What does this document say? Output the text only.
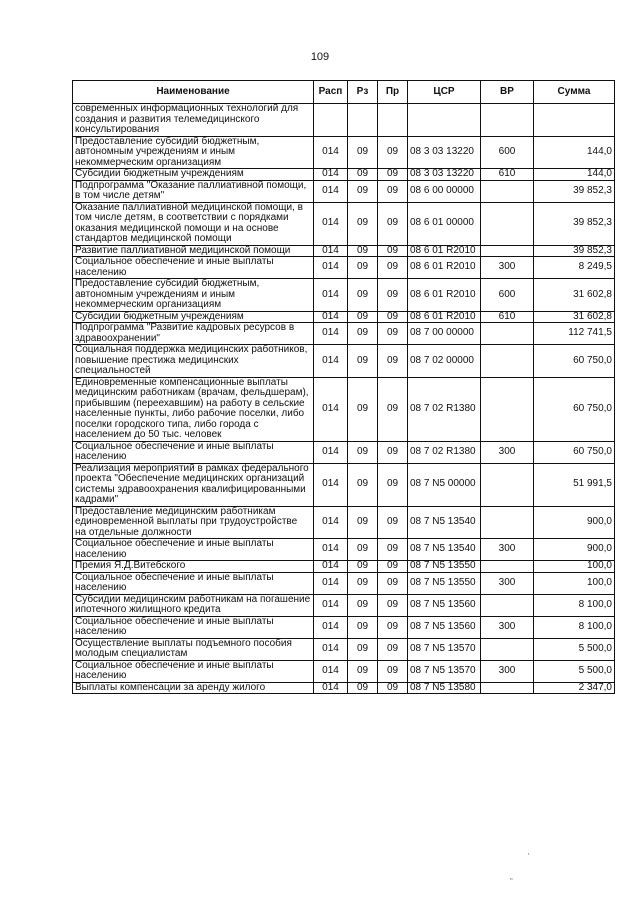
109
Наименование	Расп	Рз	Пр	ЦСР	ВР	Сумма
современных информационных технологий для создания и развития телемедицинского консультирования						
Предоставление субсидий бюджетным, автономным учреждениям и иным некоммерческим организациям	014	09	09	08 3 03 13220	600	144,0
Субсидии бюджетным учреждениям	014	09	09	08 3 03 13220	610	144,0
Подпрограмма "Оказание паллиативной помощи, в том числе детям"	014	09	09	08 6 00 00000		39 852,3
Оказание паллиативной медицинской помощи, в том числе детям, в соответствии с порядками оказания медицинской помощи и на основе стандартов медицинской помощи	014	09	09	08 6 01 00000		39 852,3
Развитие паллиативной медицинской помощи	014	09	09	08 6 01 R2010		39 852,3
Социальное обеспечение и иные выплаты населению	014	09	09	08 6 01 R2010	300	8 249,5
Предоставление субсидий бюджетным, автономным учреждениям и иным некоммерческим организациям	014	09	09	08 6 01 R2010	600	31 602,8
Субсидии бюджетным учреждениям	014	09	09	08 6 01 R2010	610	31 602,8
Подпрограмма "Развитие кадровых ресурсов в здравоохранении"	014	09	09	08 7 00 00000		112 741,5
Социальная поддержка медицинских работников, повышение престижа медицинских специальностей	014	09	09	08 7 02 00000		60 750,0
Единовременные компенсационные выплаты медицинским работникам (врачам, фельдшерам), прибывшим (переехавшим) на работу в сельские населенные пункты, либо рабочие поселки, либо поселки городского типа, либо города с населением до 50 тыс. человек	014	09	09	08 7 02 R1380		60 750,0
Социальное обеспечение и иные выплаты населению	014	09	09	08 7 02 R1380	300	60 750,0
Реализация мероприятий в рамках федерального проекта "Обеспечение медицинских организаций системы здравоохранения квалифицированными кадрами"	014	09	09	08 7 N5 00000		51 991,5
Предоставление медицинским работникам единовременной выплаты при трудоустройстве на отдельные должности	014	09	09	08 7 N5 13540		900,0
Социальное обеспечение и иные выплаты населению	014	09	09	08 7 N5 13540	300	900,0
Премия Я.Д.Витебского	014	09	09	08 7 N5 13550		100,0
Социальное обеспечение и иные выплаты населению	014	09	09	08 7 N5 13550	300	100,0
Субсидии медицинским работникам на погашение ипотечного жилищного кредита	014	09	09	08 7 N5 13560		8 100,0
Социальное обеспечение и иные выплаты населению	014	09	09	08 7 N5 13560	300	8 100,0
Осуществление выплаты подъемного пособия молодым специалистам	014	09	09	08 7 N5 13570		5 500,0
Социальное обеспечение и иные выплаты населению	014	09	09	08 7 N5 13570	300	5 500,0
Выплаты компенсации за аренду жилого	014	09	09	08 7 N5 13580		2 347,0
'
„
